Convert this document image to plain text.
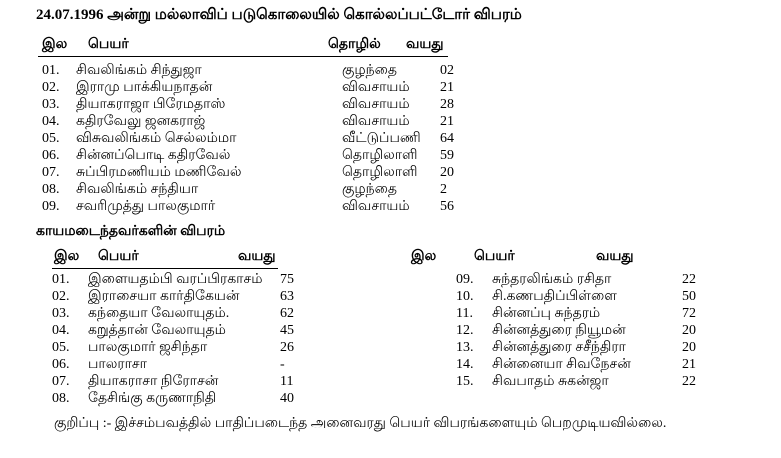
24.07.1996 அன்று மல்லாவிப் படுகொலையில் கொல்லப்பட்டோர் விபரம்
இல பெயர்	தொழில் வயது
01. சிவலிங்கம் சிந்துஜா	குழந்தை	02
02. இராமு பாக்கியநாதன்	விவசாயம் 21
03. தியாகராஜா பிரேமதாஸ்	விவசாயம் 28
04. கதிரவேலு ஜனகராஜ்	விவசாயம் 21
05. விசுவலிங்கம் செல்லம்மா	வீட்டுப்பணி 64
06. சின்னப்பொடி கதிரவேல்	தொழிலாளி 59
07. சுப்பிரமணியம் மணிவேல்	தொழிலாளி 20
08. சிவலிங்கம் சந்தியா	குழந்தை	2
09. சவரிமுத்து பாலகுமார்	விவசாயம் 56
காயமடைந்தவர்களின் விபரம்
இல பெயர்	வயது	இல	பெயர்	வயது
01. இளையதம்பி வரப்பிரகாசம் 75
02. இராசையா கார்திகேயன்	63
03. கந்தையா வேலாயுதம்.	62
04. கறுத்தான் வேலாயுதம்	45
05. பாலகுமார் ஜசிந்தா	26
06. பாலராசா	-
07. தியாகராசா நிரோசன்	11
08. தேசிங்கு கருணாநிதி	40
09. சுந்தரலிங்கம் ரசிதா	22
10. சி.கணபதிப்பிள்ளை	50
11. சின்னப்பு சுந்தரம்	72
12. சின்னத்துரை நியூமன்	20
13. சின்னத்துரை சசீந்திரா	20
14. சின்னையா சிவநேசன்	21
15. சிவபாதம் சுகன்ஜா	22
குறிப்பு :- இச்சம்பவத்தில் பாதிப்படைந்த அனைவரது பெயர் விபரங்களையும் பெறமுடியவில்லை.
